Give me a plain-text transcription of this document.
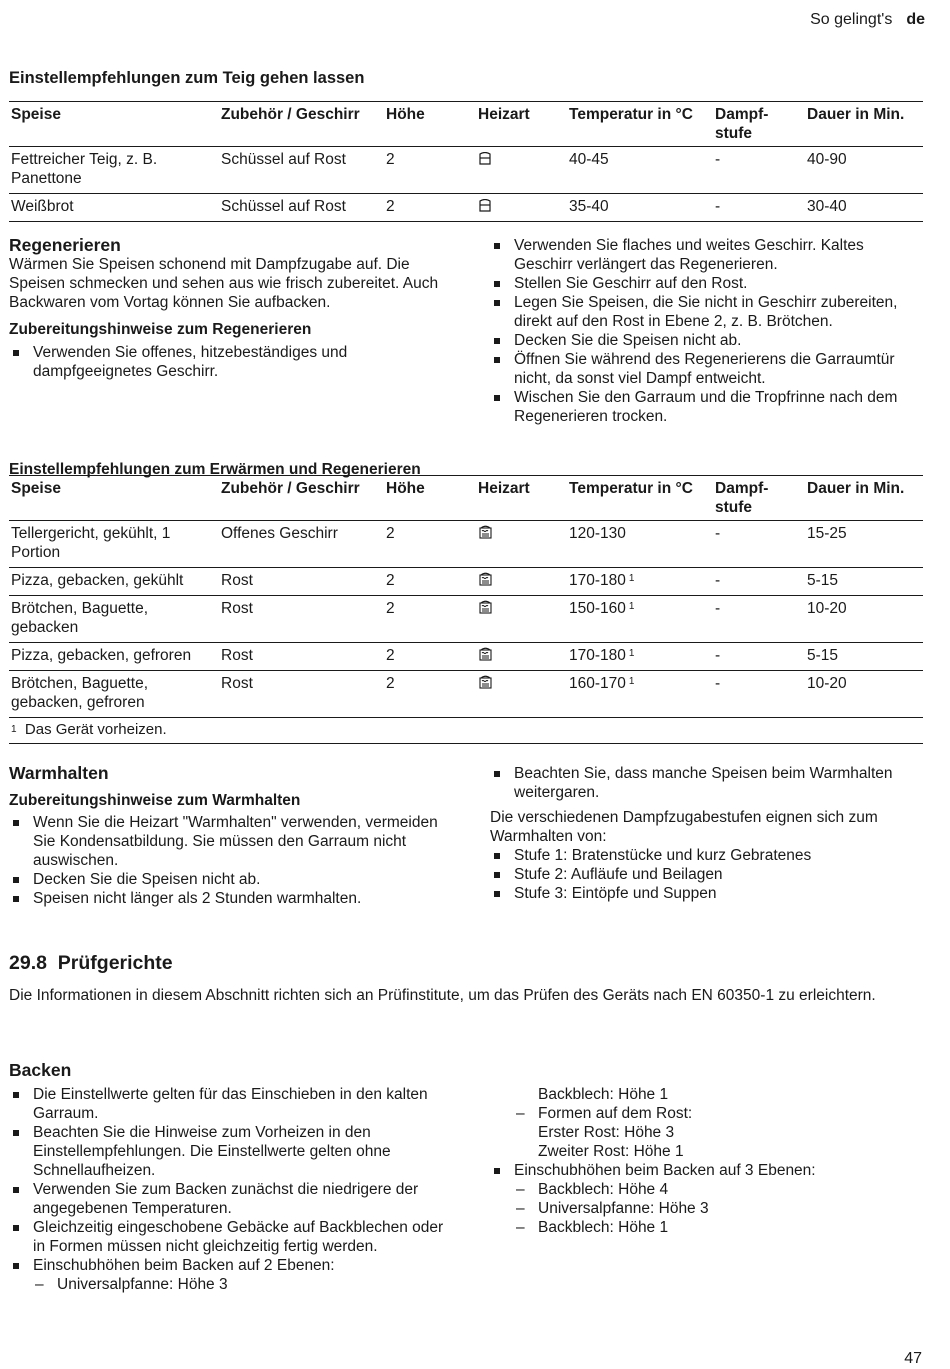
So gelingt's de
Einstellempfehlungen zum Teig gehen lassen
Speise	Zubehör / Geschirr	Höhe	Heizart	Temperatur in °C	Dampf-stufe	Dauer in Min.
Fettreicher Teig, z. B. Panettone	Schüssel auf Rost	2		40-45	-	40-90
Weißbrot	Schüssel auf Rost	2		35-40	-	30-40
Regenerieren

Wärmen Sie Speisen schonend mit Dampfzugabe auf. Die Speisen schmecken und sehen aus wie frisch zubereitet. Auch Backwaren vom Vortag können Sie aufbacken.

Zubereitungshinweise zum Regenerieren
Verwenden Sie offenes, hitzebeständiges und dampfgeeignetes Geschirr.
Verwenden Sie flaches und weites Geschirr. Kaltes Geschirr verlängert das Regenerieren.
Stellen Sie Geschirr auf den Rost.
Legen Sie Speisen, die Sie nicht in Geschirr zubereiten, direkt auf den Rost in Ebene 2, z. B. Brötchen.
Decken Sie die Speisen nicht ab.
Öffnen Sie während des Regenerierens die Garraumtür nicht, da sonst viel Dampf entweicht.
Wischen Sie den Garraum und die Tropfrinne nach dem Regenerieren trocken.
Einstellempfehlungen zum Erwärmen und Regenerieren
Speise	Zubehör / Geschirr	Höhe	Heizart	Temperatur in °C	Dampf-stufe	Dauer in Min.
Tellergericht, gekühlt, 1 Portion	Offenes Geschirr	2		120-130	-	15-25
Pizza, gebacken, gekühlt	Rost	2		170-180 $^1$	-	5-15
Brötchen, Baguette, gebacken	Rost	2		150-160 $^1$	-	10-20
Pizza, gebacken, gefroren	Rost	2		170-180 $^1$	-	5-15
Brötchen, Baguette, gebacken, gefroren	Rost	2		160-170 $^1$	-	10-20
$^1$ Das Gerät vorheizen.						
Warmhalten
Zubereitungshinweise zum Warmhalten
Wenn Sie die Heizart "Warmhalten" verwenden, vermeiden Sie Kondensatbildung. Sie müssen den Garraum nicht auswischen.
Decken Sie die Speisen nicht ab.
Speisen nicht länger als 2 Stunden warmhalten.
Beachten Sie, dass manche Speisen beim Warmhalten weitergaren.

Die verschiedenen Dampfzugabestufen eignen sich zum Warmhalten von:

Stufe 1: Bratenstücke und kurz Gebratenes
Stufe 2: Aufläufe und Beilagen
Stufe 3: Eintöpfe und Suppen
29.8  Prüfgerichte

Die Informationen in diesem Abschnitt richten sich an Prüfinstitute, um das Prüfen des Geräts nach EN 60350-1 zu erleichtern.

Backen
Die Einstellwerte gelten für das Einschieben in den kalten Garraum.
Beachten Sie die Hinweise zum Vorheizen in den Einstellempfehlungen. Die Einstellwerte gelten ohne Schnellaufheizen.
Verwenden Sie zum Backen zunächst die niedrigere der angegebenen Temperaturen.
Gleichzeitig eingeschobene Gebäcke auf Backblechen oder in Formen müssen nicht gleichzeitig fertig werden.
Einschubhöhen beim Backen auf 2 Ebenen:
– Universalpfanne: Höhe 3
Backblech: Höhe 1
– Formen auf dem Rost:
Erster Rost: Höhe 3
Zweiter Rost: Höhe 1
Einschubhöhen beim Backen auf 3 Ebenen:
– Backblech: Höhe 4
– Universalpfanne: Höhe 3
– Backblech: Höhe 1
47
